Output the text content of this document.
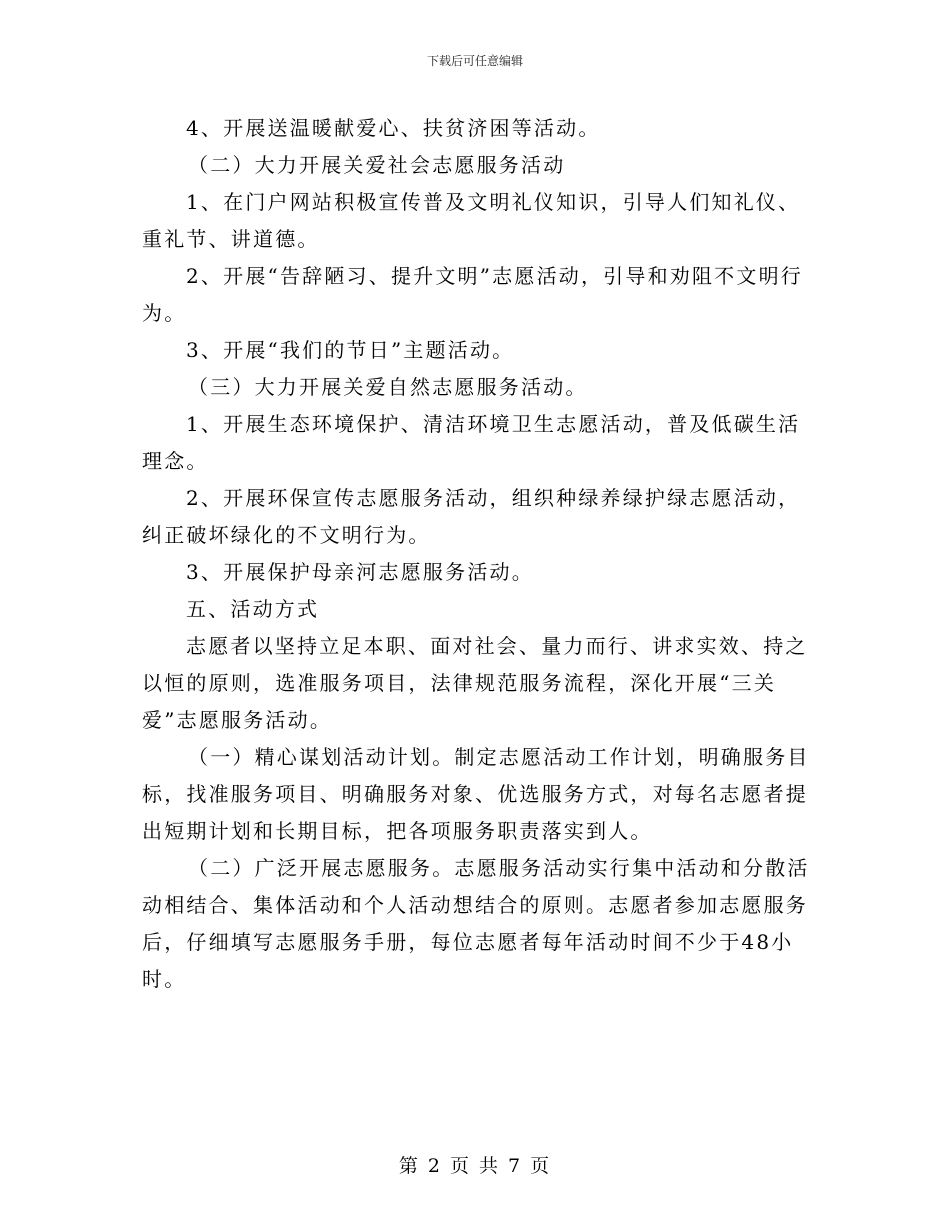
下载后可任意编辑

4、开展送温暖献爱心、扶贫济困等活动。

（二）大力开展关爱社会志愿服务活动

1、在门户网站积极宣传普及文明礼仪知识，引导人们知礼仪、重礼节、讲道德。

2、开展“告辞陋习、提升文明”志愿活动，引导和劝阻不文明行为。

3、开展“我们的节日”主题活动。

（三）大力开展关爱自然志愿服务活动。

1、开展生态环境保护、清洁环境卫生志愿活动，普及低碳生活理念。

2、开展环保宣传志愿服务活动，组织种绿养绿护绿志愿活动，纠正破坏绿化的不文明行为。

3、开展保护母亲河志愿服务活动。

五、活动方式

志愿者以坚持立足本职、面对社会、量力而行、讲求实效、持之以恒的原则，选准服务项目，法律规范服务流程，深化开展“三关爱”志愿服务活动。

（一）精心谋划活动计划。制定志愿活动工作计划，明确服务目标，找准服务项目、明确服务对象、优选服务方式，对每名志愿者提出短期计划和长期目标，把各项服务职责落实到人。

（二）广泛开展志愿服务。志愿服务活动实行集中活动和分散活动相结合、集体活动和个人活动想结合的原则。志愿者参加志愿服务后，仔细填写志愿服务手册，每位志愿者每年活动时间不少于48小时。

第 2 页 共 7 页
